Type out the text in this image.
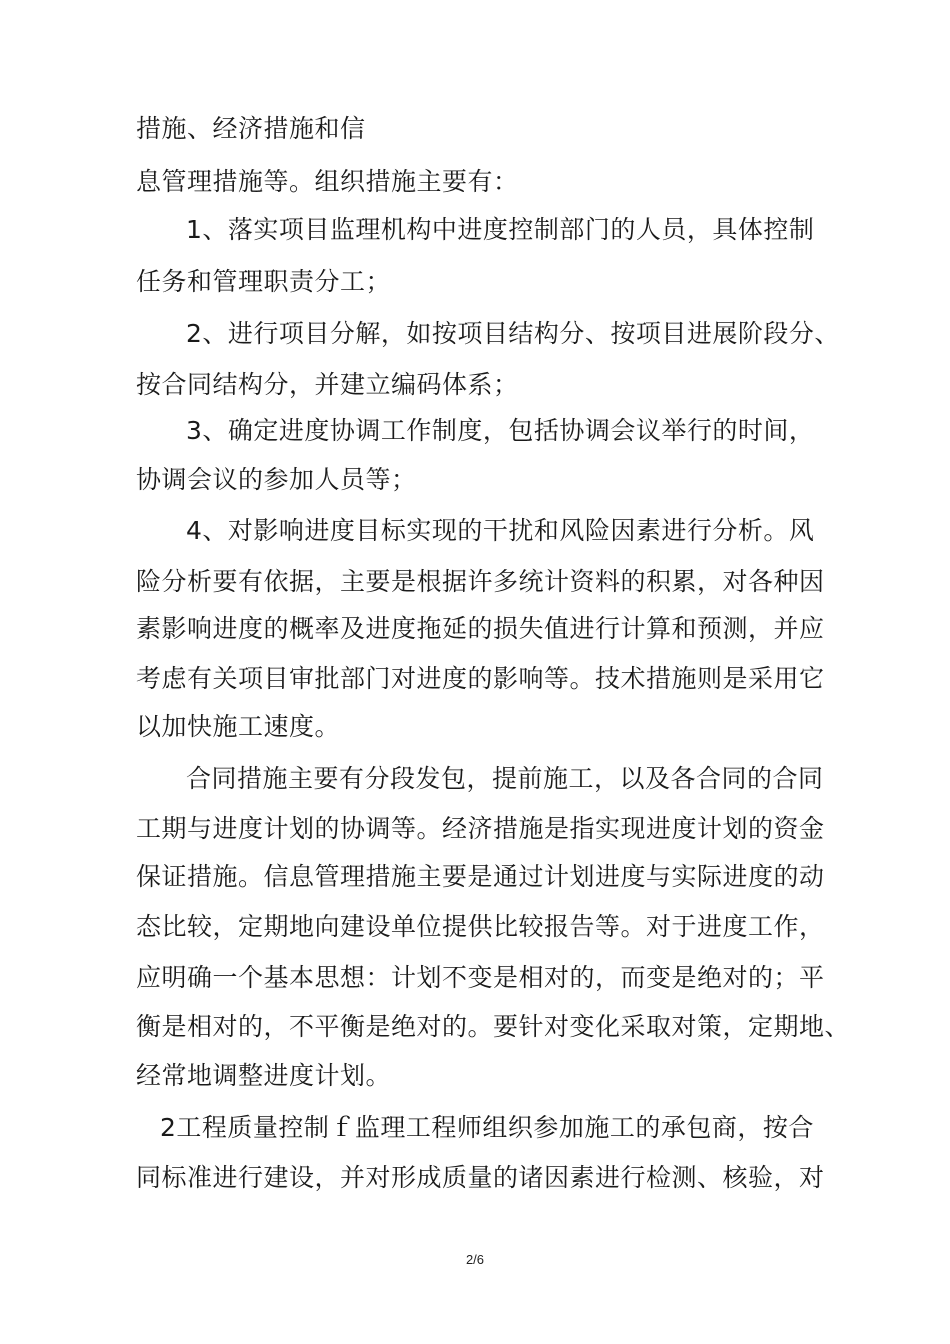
措施、经济措施和信
息管理措施等。组织措施主要有：
1、落实项目监理机构中进度控制部门的人员，具体控制
任务和管理职责分工；
2、进行项目分解，如按项目结构分、按项目进展阶段分、
按合同结构分，并建立编码体系；
3、确定进度协调工作制度，包括协调会议举行的时间，
协调会议的参加人员等；
4、对影响进度目标实现的干扰和风险因素进行分析。风
险分析要有依据，主要是根据许多统计资料的积累，对各种因
素影响进度的概率及进度拖延的损失值进行计算和预测，并应
考虑有关项目审批部门对进度的影响等。技术措施则是采用它
以加快施工速度。
合同措施主要有分段发包，提前施工，以及各合同的合同
工期与进度计划的协调等。经济措施是指实现进度计划的资金
保证措施。信息管理措施主要是通过计划进度与实际进度的动
态比较，定期地向建设单位提供比较报告等。对于进度工作，
应明确一个基本思想：计划不变是相对的，而变是绝对的；平
衡是相对的，不平衡是绝对的。要针对变化采取对策，定期地、
经常地调整进度计划。
2工程质量控制ｆ监理工程师组织参加施工的承包商，按合
同标准进行建设，并对形成质量的诸因素进行检测、核验，对
2/6
